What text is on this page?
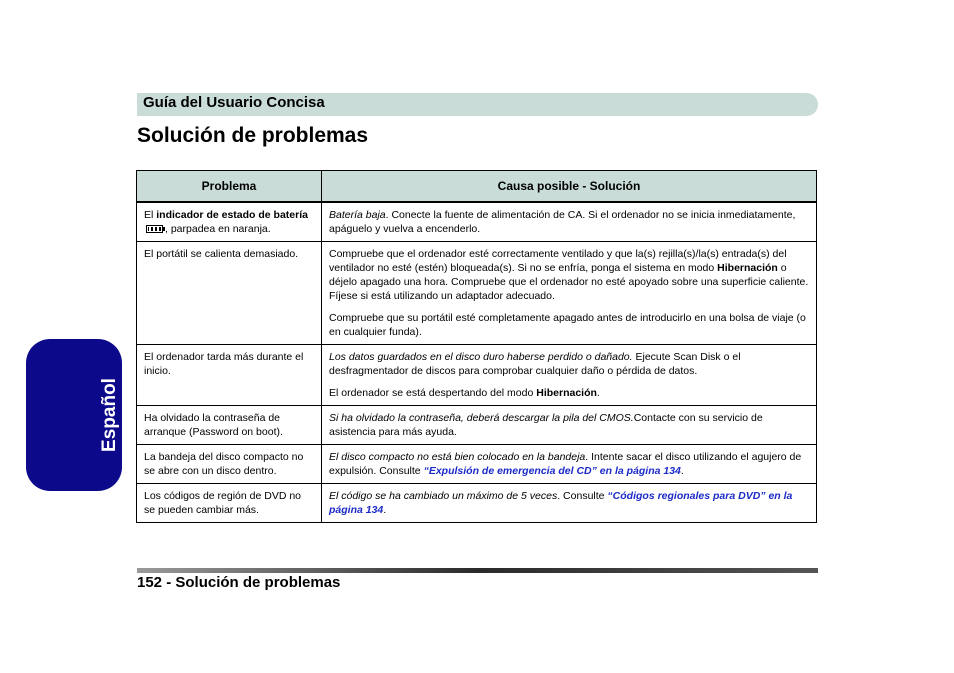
Guía del Usuario Concisa
Solución de problemas
Español
Problema	Causa posible - Solución
El indicador de estado de batería, parpadea en naranja.	Batería baja. Conecte la fuente de alimentación de CA. Si el ordenador no se inicia inmediatamente, apáguelo y vuelva a encenderlo.

El portátil se calienta demasiado.	Compruebe que el ordenador esté correctamente ventilado y que la(s) rejilla(s)/la(s) entrada(s) del ventilador no esté (estén) bloqueada(s). Si no se enfría, ponga el sistema en modo Hibernación o déjelo apagado una hora. Compruebe que el ordenador no esté apoyado sobre una superficie caliente. Fíjese si está utilizando un adaptador adecuado.

Compruebe que su portátil esté completamente apagado antes de introducirlo en una bolsa de viaje (o en cualquier funda).

El ordenador tarda más durante el inicio.	Los datos guardados en el disco duro haberse perdido o dañado. Ejecute Scan Disk o el desfragmentador de discos para comprobar cualquier daño o pérdida de datos.

El ordenador se está despertando del modo Hibernación.

Ha olvidado la contraseña de arranque (Password on boot).	Si ha olvidado la contraseña, deberá descargar la pila del CMOS.Contacte con su servicio de asistencia para más ayuda.

La bandeja del disco compacto no se abre con un disco dentro.	El disco compacto no está bien colocado en la bandeja. Intente sacar el disco utilizando el agujero de expulsión. Consulte “Expulsión de emergencia del CD” en la página 134.

Los códigos de región de DVD no se pueden cambiar más.	El código se ha cambiado un máximo de 5 veces. Consulte “Códigos regionales para DVD” en la página 134.

152 - Solución de problemas
